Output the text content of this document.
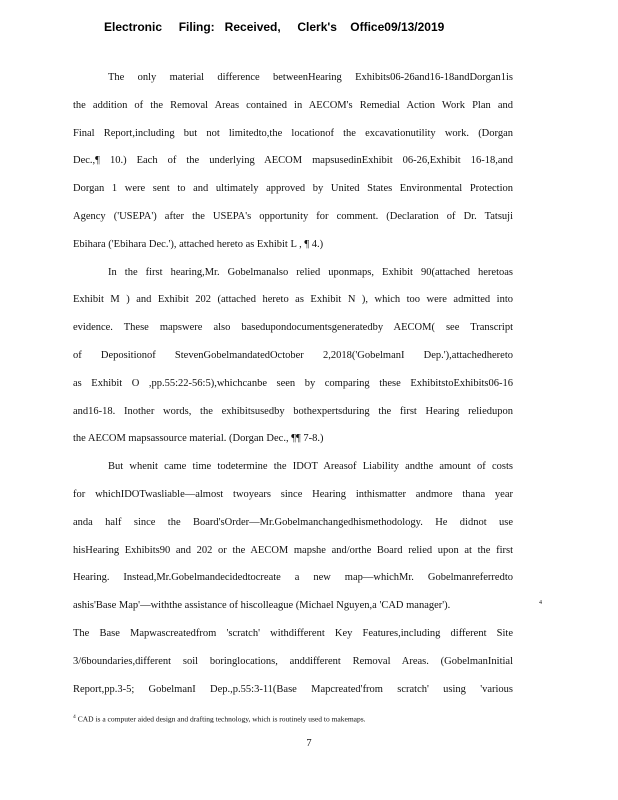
Electronic     Filing:   Received,     Clerk's    Office09/13/2019
The only material difference betweenHearing Exhibits06-26and16-18andDorgan1is
the addition of the Removal Areas contained in AECOM's Remedial Action Work Plan and
Final Report,including but not limitedto,the locationof the excavationutility work. (Dorgan
Dec.,¶ 10.) Each of the underlying AECOM mapsusedinExhibit 06-26,Exhibit 16-18,and
Dorgan 1 were sent to and ultimately approved by United States Environmental Protection
Agency ('USEPA') after the USEPA's opportunity for comment. (Declaration of Dr. Tatsuji
Ebihara ('Ebihara Dec.'), attached hereto as Exhibit L , ¶ 4.)
In the first hearing,Mr. Gobelmanalso relied uponmaps, Exhibit 90(attached heretoas
Exhibit M ) and Exhibit 202 (attached hereto as Exhibit N ), which too were admitted into
evidence. These mapswere also basedupondocumentsgeneratedby AECOM( see Transcript
of Depositionof StevenGobelmandatedOctober 2,2018('GobelmanI Dep.'),attachedhereto
as Exhibit O ,pp.55:22-56:5),whichcanbe seen by comparing these ExhibitstoExhibits06-16
and16-18. Inother words, the exhibitsusedby bothexpertsduring the first Hearing reliedupon
the AECOM mapsassource material. (Dorgan Dec., ¶¶ 7-8.)
But whenit came time todetermine the IDOT Areasof Liability andthe amount of costs
for whichIDOTwasliable—almost twoyears since Hearing inthismatter andmore thana year
anda half since the Board'sOrder—Mr.Gobelmanchangedhismethodology. He didnot use
hisHearing Exhibits90 and 202 or the AECOM mapshe and/orthe Board relied upon at the first
Hearing. Instead,Mr.Gobelmandecidedtocreate a new map—whichMr. Gobelmanreferredto
ashis'Base Map'—withthe assistance of hiscolleague (Michael Nguyen,a 'CAD manager').
The Base Mapwascreatedfrom 'scratch' withdifferent Key Features,including different Site
3/6boundaries,different soil boringlocations, anddifferent Removal Areas. (GobelmanInitial
Report,pp.3-5; GobelmanI Dep.,p.55:3-11(Base Mapcreated'from scratch' using 'various
4
$^4$ CAD is a computer aided design and drafting technology, which is routinely used to makemaps.
7
